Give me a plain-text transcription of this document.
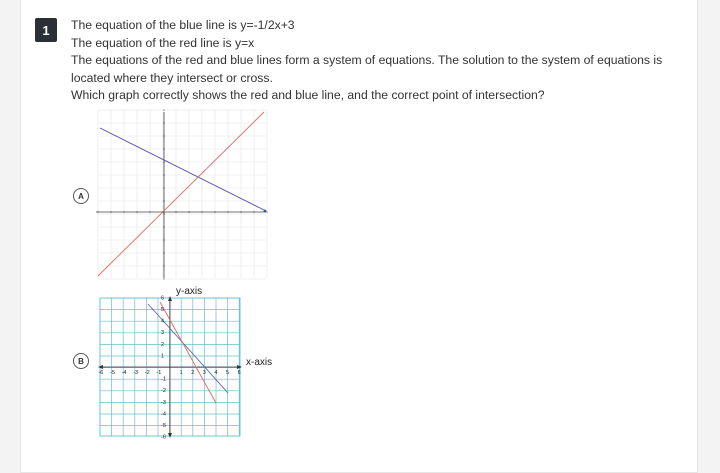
1	The equation of the blue line is y=-1/2x+3
The equation of the red line is y=x
The equations of the red and blue lines form a system of equations. The solution to the system of equations is located where they intersect or cross.
Which graph correctly shows the red and blue line, and the correct point of intersection?
A
B
y-axis
x-axis
-6 -5 -4 -3 -2 -1	1 2 3 4 5 6
6
5
4
3
2
1
-1
-2
-3
-4
-5
-6
